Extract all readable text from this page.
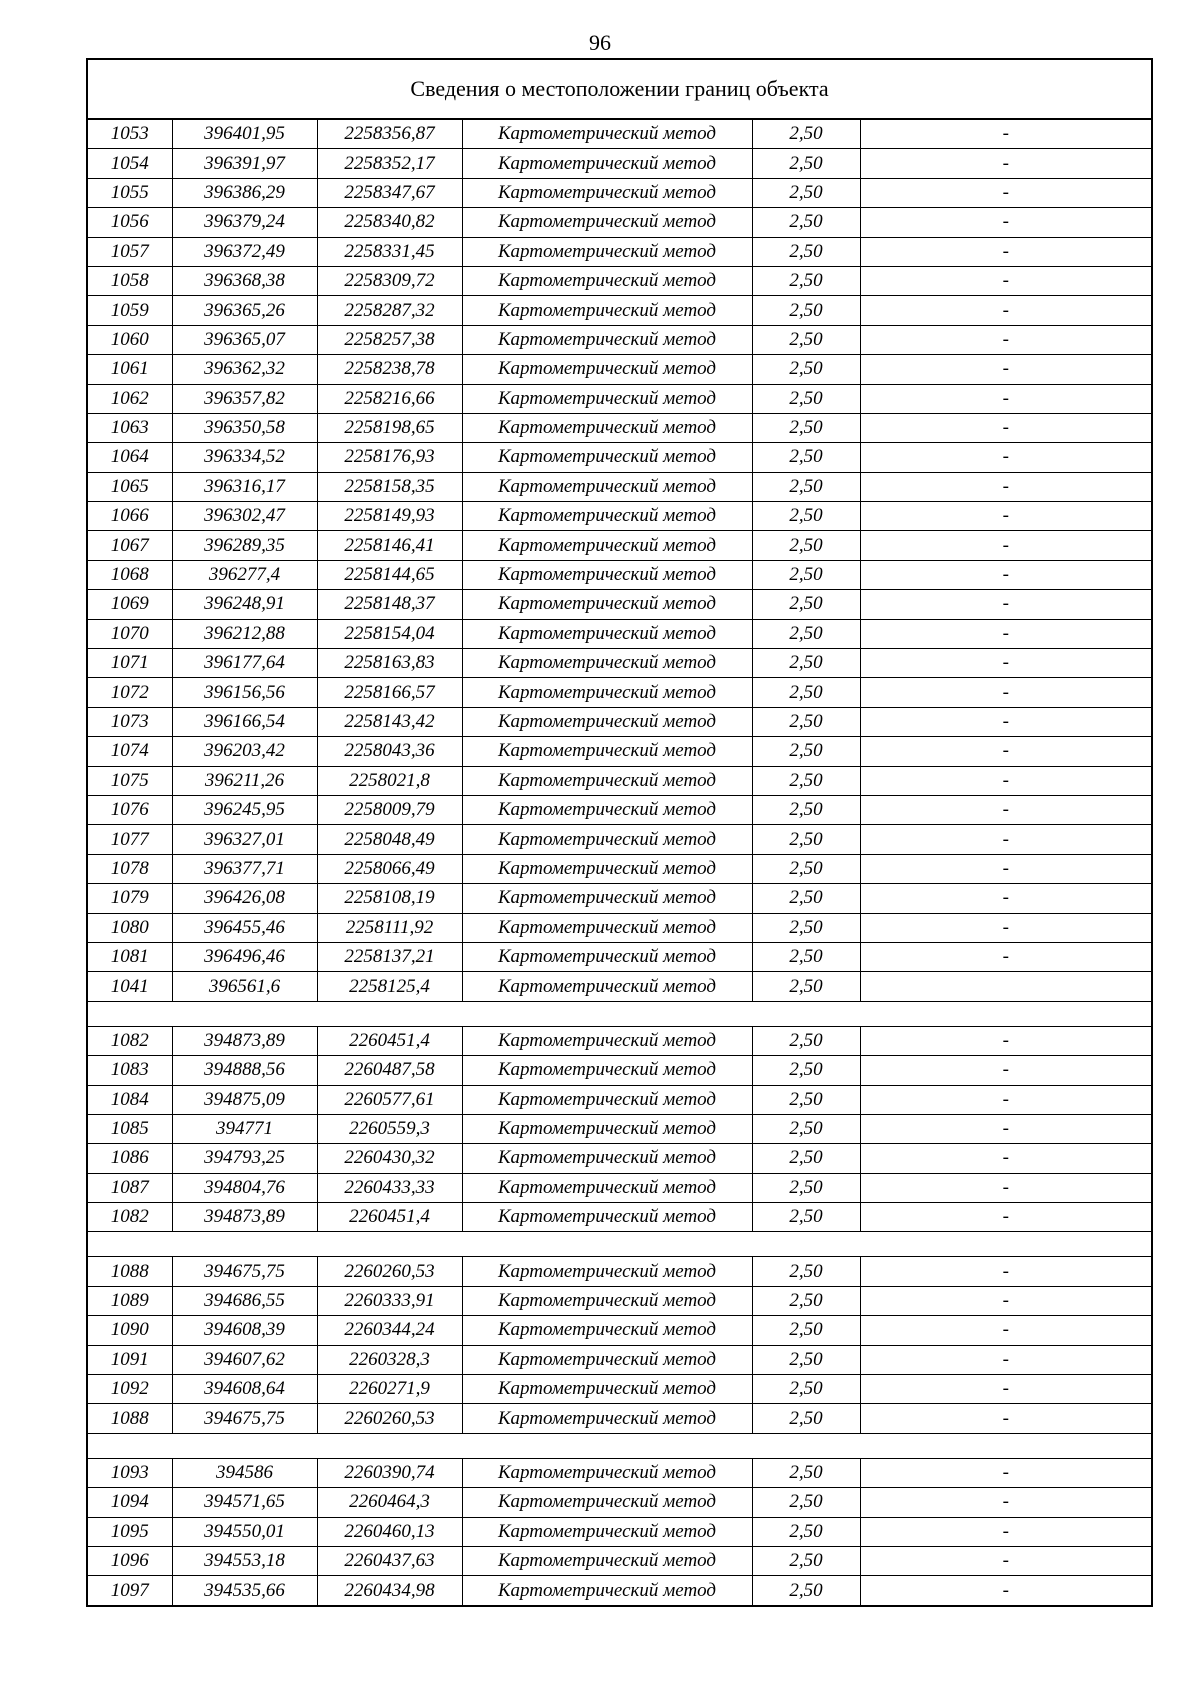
96
Сведения о местоположении границ объекта					
1053	396401,95	2258356,87	Картометрический метод	2,50	-
1054	396391,97	2258352,17	Картометрический метод	2,50	-
1055	396386,29	2258347,67	Картометрический метод	2,50	-
1056	396379,24	2258340,82	Картометрический метод	2,50	-
1057	396372,49	2258331,45	Картометрический метод	2,50	-
1058	396368,38	2258309,72	Картометрический метод	2,50	-
1059	396365,26	2258287,32	Картометрический метод	2,50	-
1060	396365,07	2258257,38	Картометрический метод	2,50	-
1061	396362,32	2258238,78	Картометрический метод	2,50	-
1062	396357,82	2258216,66	Картометрический метод	2,50	-
1063	396350,58	2258198,65	Картометрический метод	2,50	-
1064	396334,52	2258176,93	Картометрический метод	2,50	-
1065	396316,17	2258158,35	Картометрический метод	2,50	-
1066	396302,47	2258149,93	Картометрический метод	2,50	-
1067	396289,35	2258146,41	Картометрический метод	2,50	-
1068	396277,4	2258144,65	Картометрический метод	2,50	-
1069	396248,91	2258148,37	Картометрический метод	2,50	-
1070	396212,88	2258154,04	Картометрический метод	2,50	-
1071	396177,64	2258163,83	Картометрический метод	2,50	-
1072	396156,56	2258166,57	Картометрический метод	2,50	-
1073	396166,54	2258143,42	Картометрический метод	2,50	-
1074	396203,42	2258043,36	Картометрический метод	2,50	-
1075	396211,26	2258021,8	Картометрический метод	2,50	-
1076	396245,95	2258009,79	Картометрический метод	2,50	-
1077	396327,01	2258048,49	Картометрический метод	2,50	-
1078	396377,71	2258066,49	Картометрический метод	2,50	-
1079	396426,08	2258108,19	Картометрический метод	2,50	-
1080	396455,46	2258111,92	Картометрический метод	2,50	-
1081	396496,46	2258137,21	Картометрический метод	2,50	-
1041	396561,6	2258125,4	Картометрический метод	2,50	

1082	394873,89	2260451,4	Картометрический метод	2,50	-
1083	394888,56	2260487,58	Картометрический метод	2,50	-
1084	394875,09	2260577,61	Картометрический метод	2,50	-
1085	394771	2260559,3	Картометрический метод	2,50	-
1086	394793,25	2260430,32	Картометрический метод	2,50	-
1087	394804,76	2260433,33	Картометрический метод	2,50	-
1082	394873,89	2260451,4	Картометрический метод	2,50	-

1088	394675,75	2260260,53	Картометрический метод	2,50	-
1089	394686,55	2260333,91	Картометрический метод	2,50	-
1090	394608,39	2260344,24	Картометрический метод	2,50	-
1091	394607,62	2260328,3	Картометрический метод	2,50	-
1092	394608,64	2260271,9	Картометрический метод	2,50	-
1088	394675,75	2260260,53	Картометрический метод	2,50	-

1093	394586	2260390,74	Картометрический метод	2,50	-
1094	394571,65	2260464,3	Картометрический метод	2,50	-
1095	394550,01	2260460,13	Картометрический метод	2,50	-
1096	394553,18	2260437,63	Картометрический метод	2,50	-
1097	394535,66	2260434,98	Картометрический метод	2,50	-
